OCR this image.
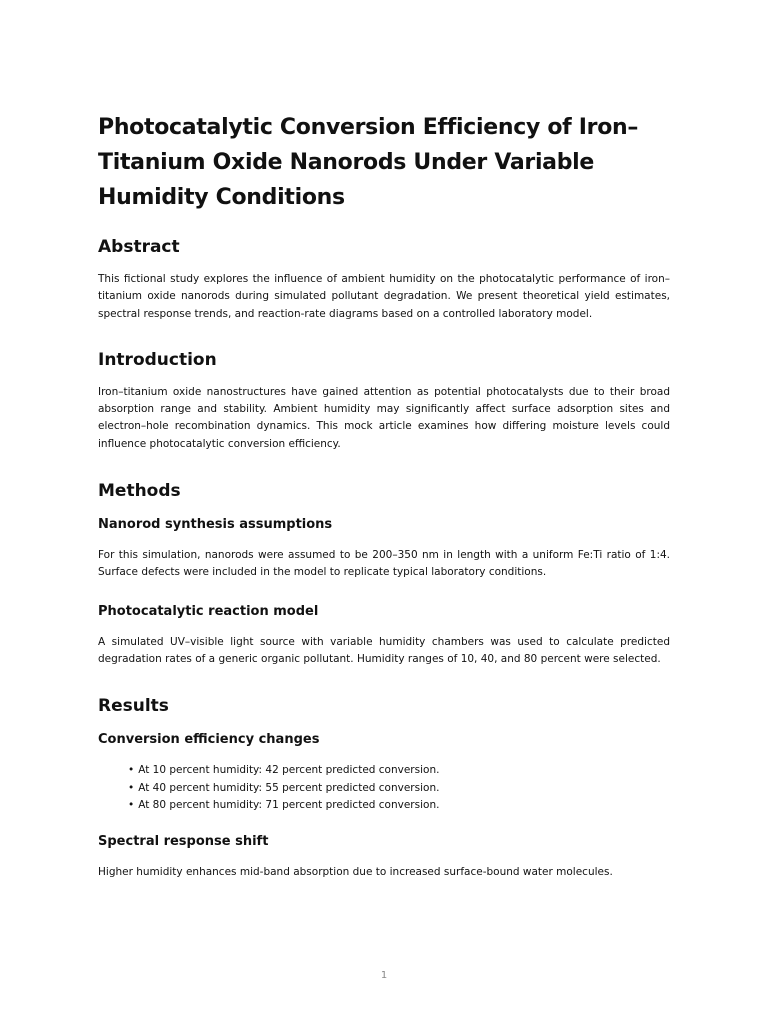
Photocatalytic Conversion Efficiency of Iron–Titanium Oxide Nanorods Under Variable Humidity Conditions
Abstract

This fictional study explores the influence of ambient humidity on the photocatalytic performance of iron–titanium oxide nanorods during simulated pollutant degradation. We present theoretical yield estimates, spectral response trends, and reaction-rate diagrams based on a controlled laboratory model.

Introduction

Iron–titanium oxide nanostructures have gained attention as potential photocatalysts due to their broad absorption range and stability. Ambient humidity may significantly affect surface adsorption sites and electron–hole recombination dynamics. This mock article examines how differing moisture levels could influence photocatalytic conversion efficiency.

Methods
Nanorod synthesis assumptions

For this simulation, nanorods were assumed to be 200–350 nm in length with a uniform Fe:Ti ratio of 1:4. Surface defects were included in the model to replicate typical laboratory conditions.

Photocatalytic reaction model

A simulated UV–visible light source with variable humidity chambers was used to calculate predicted degradation rates of a generic organic pollutant. Humidity ranges of 10, 40, and 80 percent were selected.

Results
Conversion efficiency changes
• At 10 percent humidity: 42 percent predicted conversion.
• At 40 percent humidity: 55 percent predicted conversion.
• At 80 percent humidity: 71 percent predicted conversion.
Spectral response shift

Higher humidity enhances mid-band absorption due to increased surface-bound water molecules.

1
